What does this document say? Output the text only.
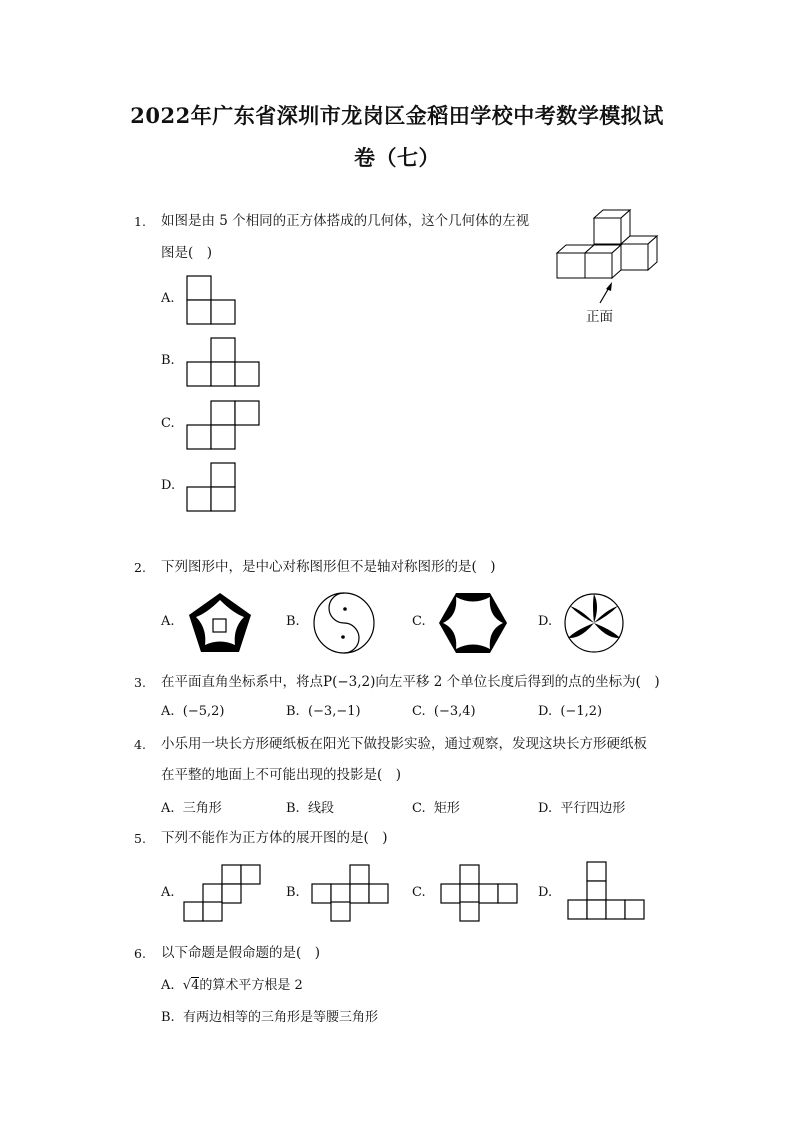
2022年广东省深圳市龙岗区金稻田学校中考数学模拟试
卷（七）
1. 如图是由 5 个相同的正方体搭成的几何体，这个几何体的左视
图是(　)
正面
A.
B.
C.
D.
2. 下列图形中，是中心对称图形但不是轴对称图形的是(　)
A.	B.	C.	D.
3. 在平面直角坐标系中，将点P(−3,2)向左平移 2 个单位长度后得到的点的坐标为(　)
A. (−5,2)	B. (−3,−1)	C. (−3,4)	D. (−1,2)
4. 小乐用一块长方形硬纸板在阳光下做投影实验，通过观察，发现这块长方形硬纸板
在平整的地面上不可能出现的投影是(　)
A. 三角形	B. 线段	C. 矩形	D. 平行四边形
5. 下列不能作为正方体的展开图的是(　)
A.	B.	C.	D.
6. 以下命题是假命题的是(　)
A. √4的算术平方根是 2
B. 有两边相等的三角形是等腰三角形
